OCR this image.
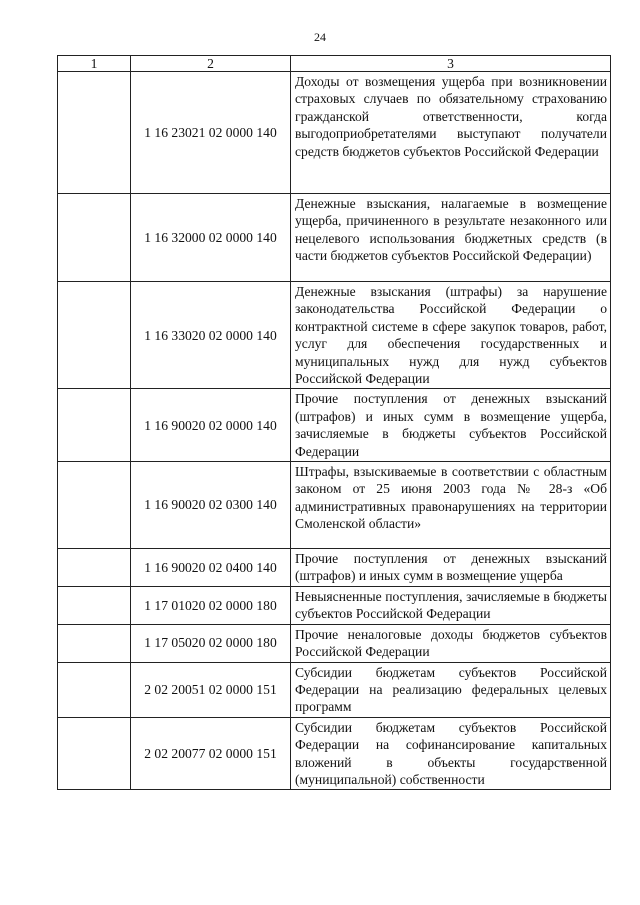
24
1	2	3
	1 16 23021 02 0000 140	Доходы от возмещения ущерба при возникновении страховых случаев по обязательному страхованию гражданской ответственности, когда выгодоприобретателями выступают получатели средств бюджетов субъектов Российской Федерации
	1 16 32000 02 0000 140	Денежные взыскания, налагаемые в возмещение ущерба, причиненного в результате незаконного или нецелевого использования бюджетных средств (в части бюджетов субъектов Российской Федерации)
	1 16 33020 02 0000 140	Денежные взыскания (штрафы) за нарушение законодательства Российской Федерации о контрактной системе в сфере закупок товаров, работ, услуг для обеспечения государственных и муниципальных нужд для нужд субъектов Российской Федерации
	1 16 90020 02 0000 140	Прочие поступления от денежных взысканий (штрафов) и иных сумм в возмещение ущерба, зачисляемые в бюджеты субъектов Российской Федерации
	1 16 90020 02 0300 140	Штрафы, взыскиваемые в соответствии с областным законом от 25 июня 2003 года № 28-з «Об административных правонарушениях на территории Смоленской области»
	1 16 90020 02 0400 140	Прочие поступления от денежных взысканий (штрафов) и иных сумм в возмещение ущерба
	1 17 01020 02 0000 180	Невыясненные поступления, зачисляемые в бюджеты субъектов Российской Федерации
	1 17 05020 02 0000 180	Прочие неналоговые доходы бюджетов субъектов Российской Федерации
	2 02 20051 02 0000 151	Субсидии бюджетам субъектов Российской Федерации на реализацию федеральных целевых программ
	2 02 20077 02 0000 151	Субсидии бюджетам субъектов Российской Федерации на софинансирование капитальных вложений в объекты государственной (муниципальной) собственности
